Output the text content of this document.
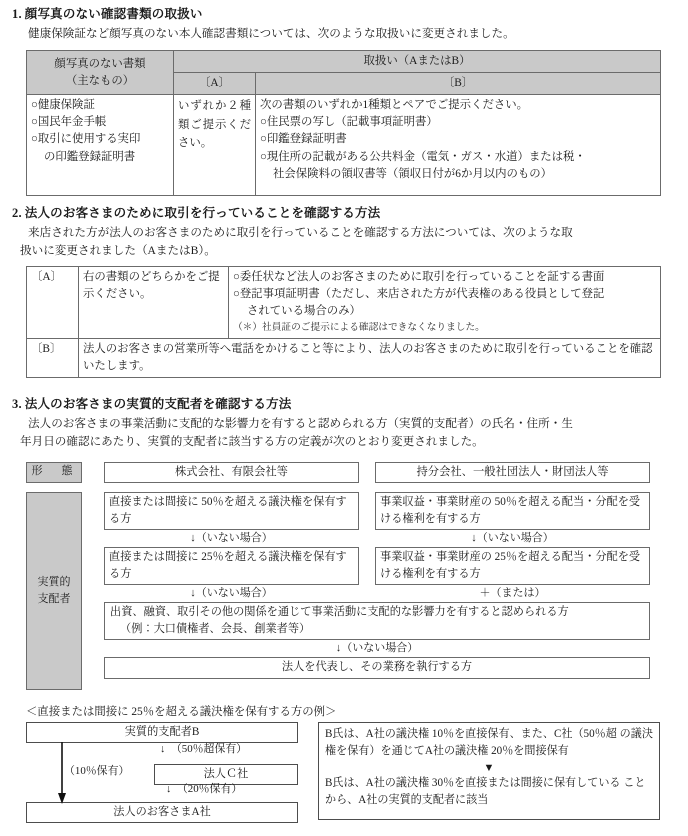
1. 顔写真のない確認書類の取扱い

健康保険証など顔写真のない本人確認書類については、次のような取扱いに変更されました。

顔写真のない書類
（主なもの）	取扱い（AまたはB）	
	〔A〕	〔B〕

○健康保険証
○国民年金手帳
○取引に使用する実印
の印鑑登録証明書	いずれか２種類ご提示ください。	次の書類のいずれか1種類とペアでご提示ください。
○住民票の写し（記載事項証明書）
○印鑑登録証明書
○現住所の記載がある公共料金（電気・ガス・水道）または税・
社会保険料の領収書等（領収日付が6か月以内のもの）
2. 法人のお客さまのために取引を行っていることを確認する方法

来店された方が法人のお客さまのために取引を行っていることを確認する方法については、次のような取

扱いに変更されました（AまたはB）。

〔A〕	右の書類のどちらかをご提示ください。	○委任状など法人のお客さまのために取引を行っていることを証する書面
○登記事項証明書（ただし、来店された方が代表権のある役員として登記
されている場合のみ）
（＊）社員証のご提示による確認はできなくなりました。

〔B〕	法人のお客さまの営業所等へ電話をかけること等により、法人のお客さまのために取引を行っていることを確認いたします。	
3. 法人のお客さまの実質的支配者を確認する方法

法人のお客さまの事業活動に支配的な影響力を有すると認められる方（実質的支配者）の氏名・住所・生

年月日の確認にあたり、実質的支配者に該当する方の定義が次のとおり変更されました。

形　態	株式会社、有限会社等	持分会社、一般社団法人・財団法人等
実質的
支配者
直接または間接に 50％を超える議決権を保有する方
事業収益・事業財産の 50％を超える配当・分配を受ける権利を有する方
↓（いない場合）	↓（いない場合）
直接または間接に 25％を超える議決権を保有する方
事業収益・事業財産の 25％を超える配当・分配を受ける権利を有する方
↓（いない場合）	＋（または）
出資、融資、取引その他の関係を通じて事業活動に支配的な影響力を有すると認められる方
（例：大口債権者、会長、創業者等）
↓（いない場合）
法人を代表し、その業務を執行する方
＜直接または間接に 25％を超える議決権を保有する方の例＞
実質的支配者B
法人Ｃ社
法人のお客さまA社
↓　（50％超保有）
（10％保有）
↓　（20％保有）
B氏は、A社の議決権 10％を直接保有、また、C社（50％超 の議決権を保有）を通じてA社の議決権 20％を間接保有
▼
B氏は、A社の議決権 30％を直接または間接に保有している ことから、A社の実質的支配者に該当
